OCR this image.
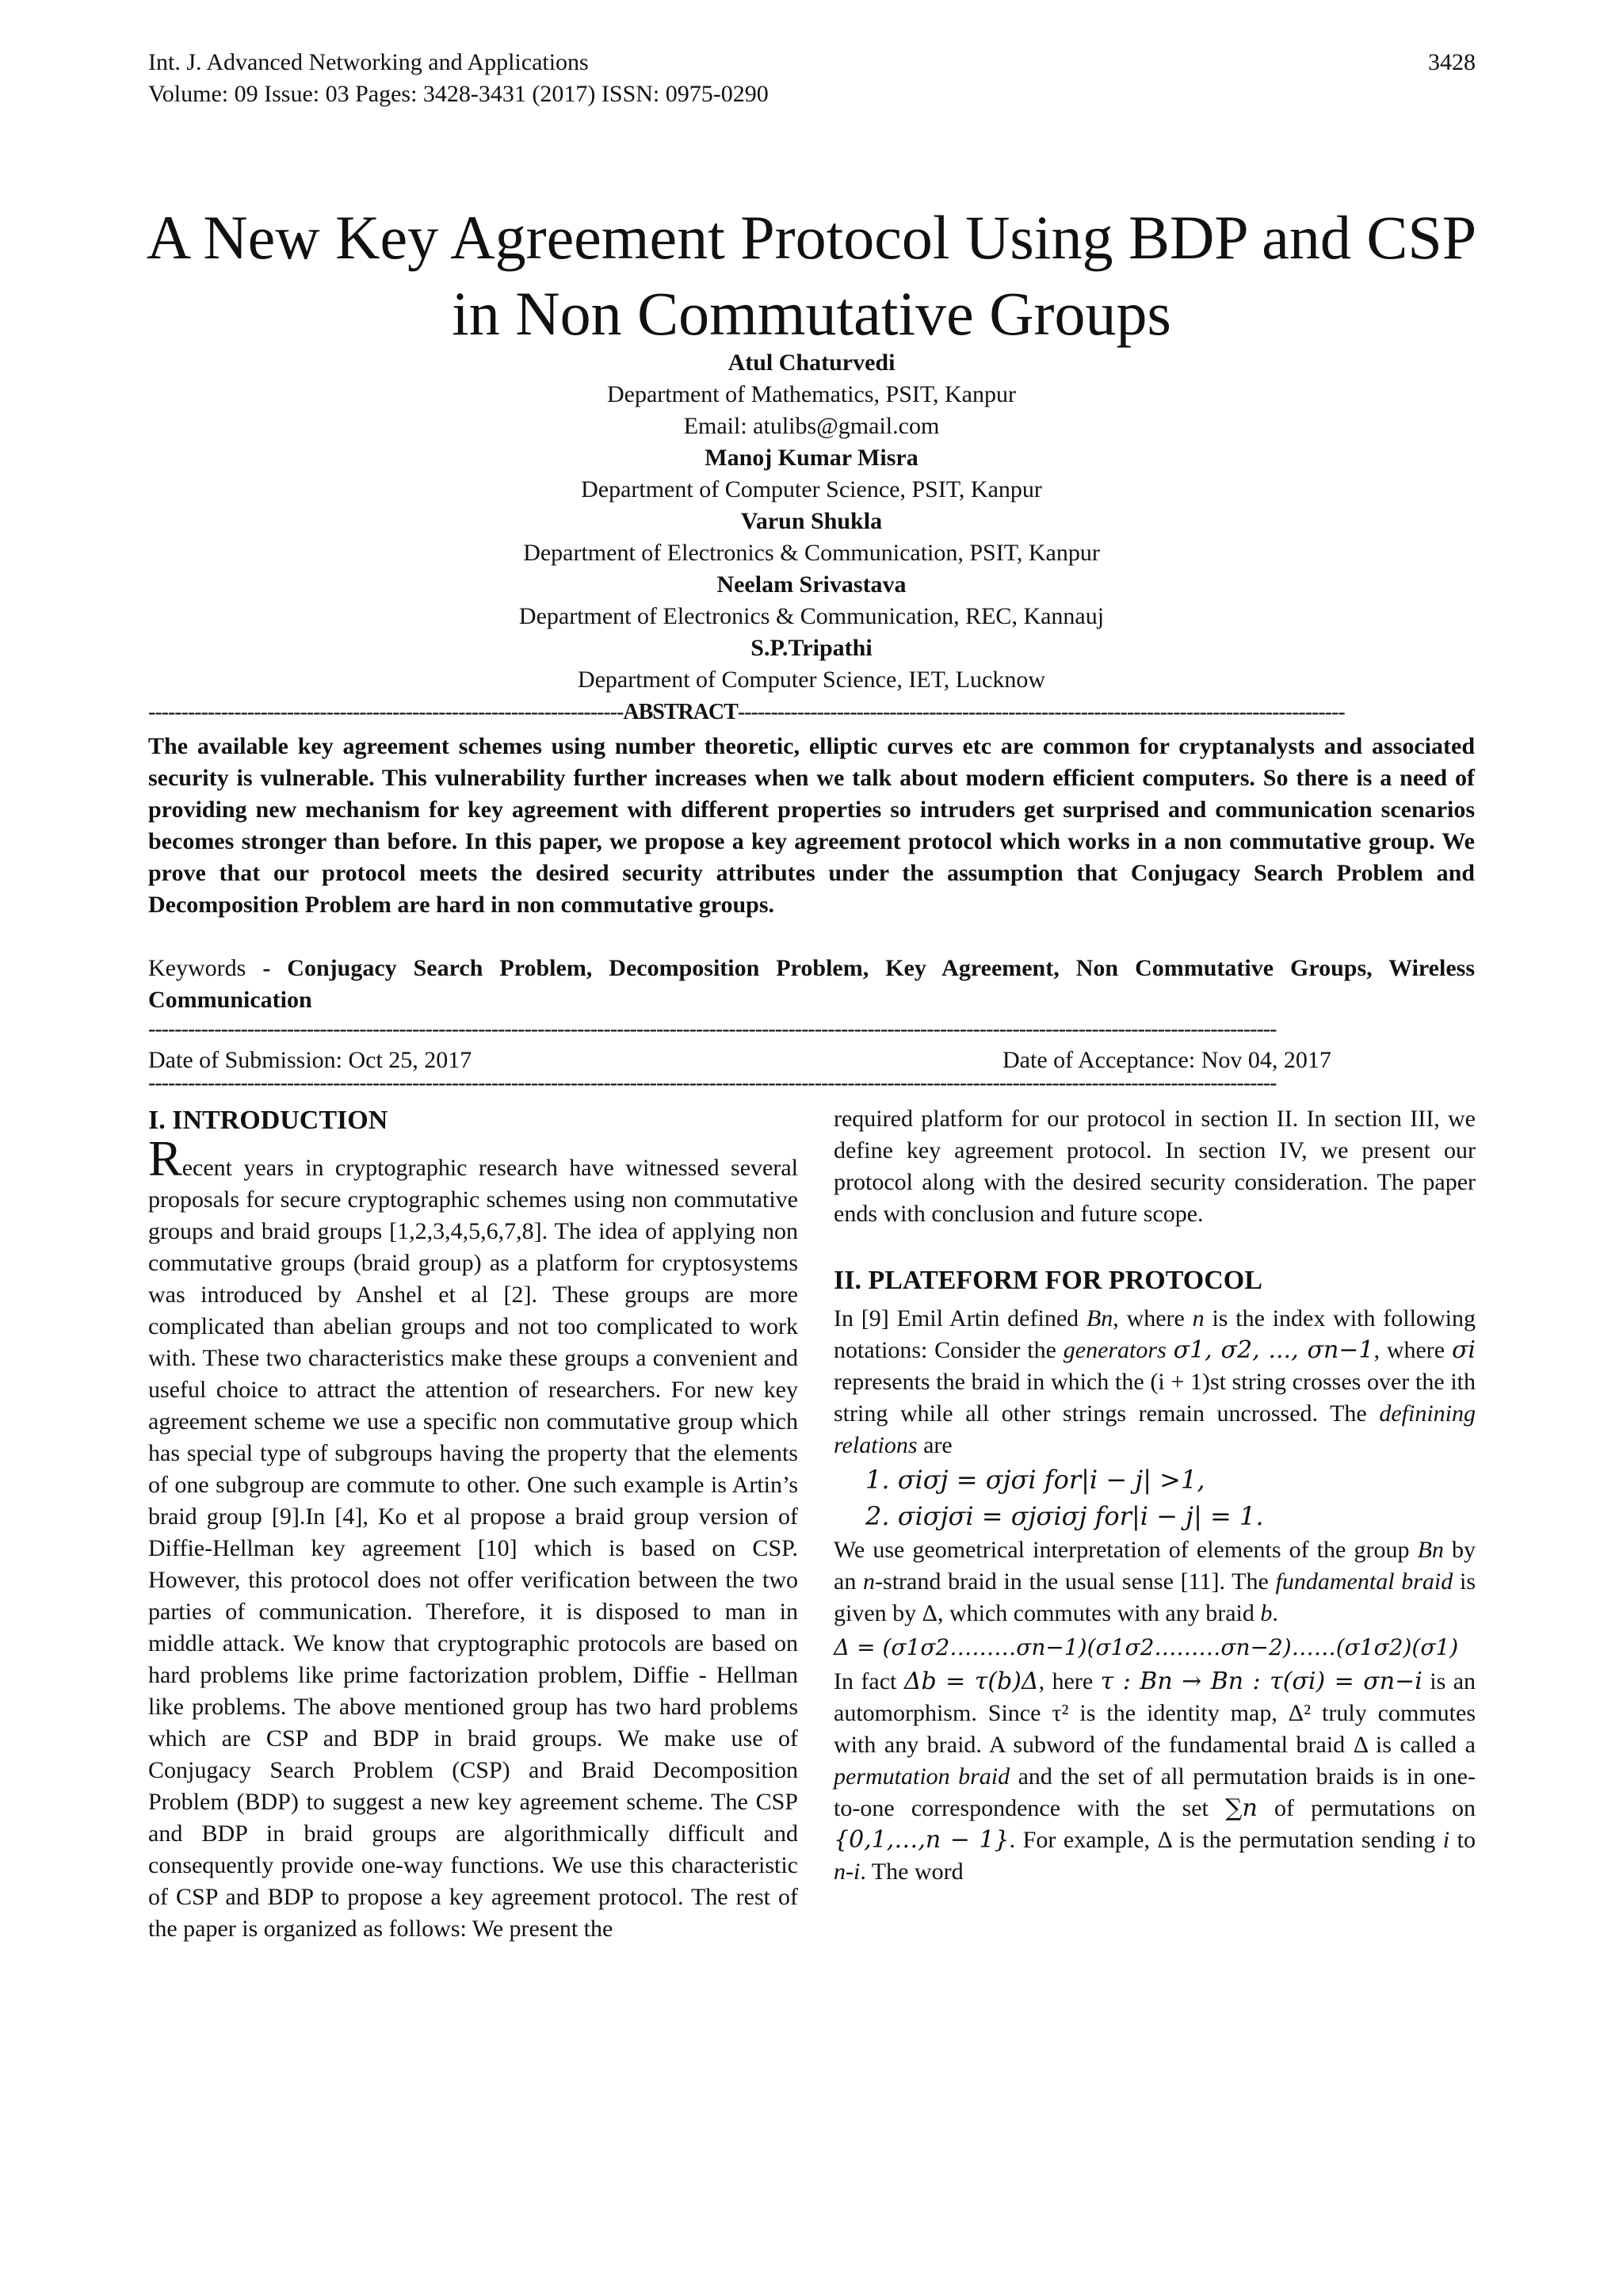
Int. J. Advanced Networking and Applications
Volume: 09 Issue: 03 Pages: 3428-3431 (2017) ISSN: 0975-0290
3428
A New Key Agreement Protocol Using BDP and CSP in Non Commutative Groups
Atul Chaturvedi
Department of Mathematics, PSIT, Kanpur
Email: atulibs@gmail.com
Manoj Kumar Misra
Department of Computer Science, PSIT, Kanpur
Varun Shukla
Department of Electronics & Communication, PSIT, Kanpur
Neelam Srivastava
Department of Electronics & Communication, REC, Kannauj
S.P.Tripathi
Department of Computer Science, IET, Lucknow
------------------------------------------------------------------------ABSTRACT--------------------------------------------------------------------------------------------
The available key agreement schemes using number theoretic, elliptic curves etc are common for cryptanalysts and associated security is vulnerable. This vulnerability further increases when we talk about modern efficient computers. So there is a need of providing new mechanism for key agreement with different properties so intruders get surprised and communication scenarios becomes stronger than before. In this paper, we propose a key agreement protocol which works in a non commutative group. We prove that our protocol meets the desired security attributes under the assumption that Conjugacy Search Problem and Decomposition Problem are hard in non commutative groups.
Keywords - Conjugacy Search Problem, Decomposition Problem, Key Agreement, Non Commutative Groups, Wireless Communication
---------------------------------------------------------------------------------------------------------------------------------------------------------------------------
Date of Submission: Oct 25, 2017	Date of Acceptance: Nov 04, 2017
---------------------------------------------------------------------------------------------------------------------------------------------------------------------------
I. INTRODUCTION

Recent years in cryptographic research have witnessed several proposals for secure cryptographic schemes using non commutative groups and braid groups [1,2,3,4,5,6,7,8]. The idea of applying non commutative groups (braid group) as a platform for cryptosystems was introduced by Anshel et al [2]. These groups are more complicated than abelian groups and not too complicated to work with. These two characteristics make these groups a convenient and useful choice to attract the attention of researchers. For new key agreement scheme we use a specific non commutative group which has special type of subgroups having the property that the elements of one subgroup are commute to other. One such example is Artin’s braid group [9].In [4], Ko et al propose a braid group version of Diffie-Hellman key agreement [10] which is based on CSP. However, this protocol does not offer verification between the two parties of communication. Therefore, it is disposed to man in middle attack. We know that cryptographic protocols are based on hard problems like prime factorization problem, Diffie - Hellman like problems. The above mentioned group has two hard problems which are CSP and BDP in braid groups. We make use of Conjugacy Search Problem (CSP) and Braid Decomposition Problem (BDP) to suggest a new key agreement scheme. The CSP and BDP in braid groups are algorithmically difficult and consequently provide one-way functions. We use this characteristic of CSP and BDP to propose a key agreement protocol. The rest of the paper is organized as follows: We present the

required platform for our protocol in section II. In section III, we define key agreement protocol. In section IV, we present our protocol along with the desired security consideration. The paper ends with conclusion and future scope.

II. PLATEFORM FOR PROTOCOL

In [9] Emil Artin defined Bn, where n is the index with following notations: Consider the generators σ1, σ2, ..., σn−1, where σi represents the braid in which the (i + 1)st string crosses over the ith string while all other strings remain uncrossed. The definining relations are

1. σiσj = σjσi for|i − j| >1,
2. σiσjσi = σjσiσj for|i − j| = 1.

We use geometrical interpretation of elements of the group Bn by an n-strand braid in the usual sense [11]. The fundamental braid is given by Δ, which commutes with any braid b.

Δ = (σ1σ2………σn−1)(σ1σ2………σn−2)……(σ1σ2)(σ1)

In fact Δb = τ(b)Δ, here τ : Bn → Bn : τ(σi) = σn−i is an automorphism. Since τ² is the identity map, Δ² truly commutes with any braid. A subword of the fundamental braid Δ is called a permutation braid and the set of all permutation braids is in one-to-one correspondence with the set ∑n of permutations on {0,1,…,n − 1}. For example, Δ is the permutation sending i to n-i. The word
